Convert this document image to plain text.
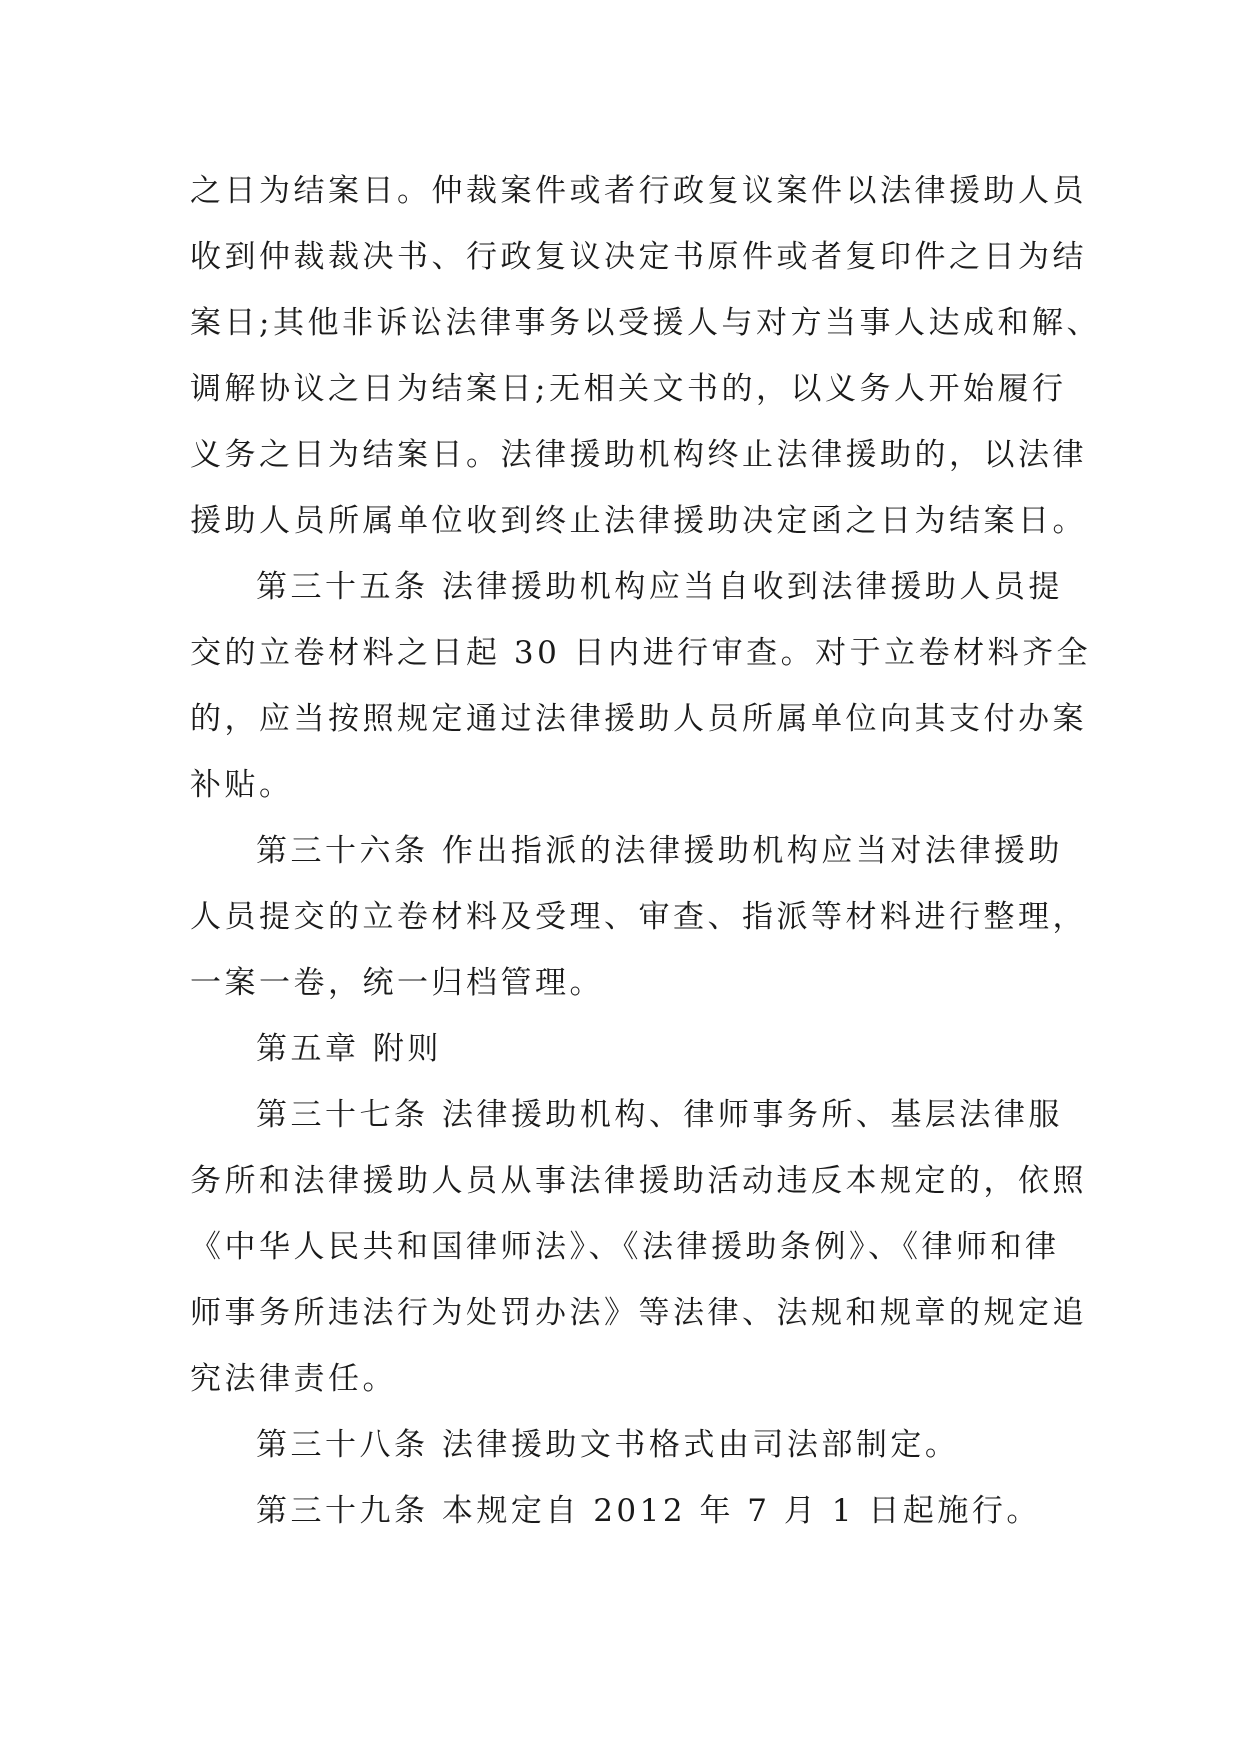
之日为结案日。仲裁案件或者行政复议案件以法律援助人员
收到仲裁裁决书、行政复议决定书原件或者复印件之日为结
案日;其他非诉讼法律事务以受援人与对方当事人达成和解、
调解协议之日为结案日;无相关文书的，以义务人开始履行
义务之日为结案日。法律援助机构终止法律援助的，以法律
援助人员所属单位收到终止法律援助决定函之日为结案日。
第三十五条 法律援助机构应当自收到法律援助人员提
交的立卷材料之日起 30 日内进行审查。对于立卷材料齐全
的，应当按照规定通过法律援助人员所属单位向其支付办案
补贴。
第三十六条 作出指派的法律援助机构应当对法律援助
人员提交的立卷材料及受理、审查、指派等材料进行整理，
一案一卷，统一归档管理。
第五章 附则
第三十七条 法律援助机构、律师事务所、基层法律服
务所和法律援助人员从事法律援助活动违反本规定的，依照
《中华人民共和国律师法》、《法律援助条例》、《律师和律
师事务所违法行为处罚办法》等法律、法规和规章的规定追
究法律责任。
第三十八条 法律援助文书格式由司法部制定。
第三十九条 本规定自 2012 年 7 月 1 日起施行。
